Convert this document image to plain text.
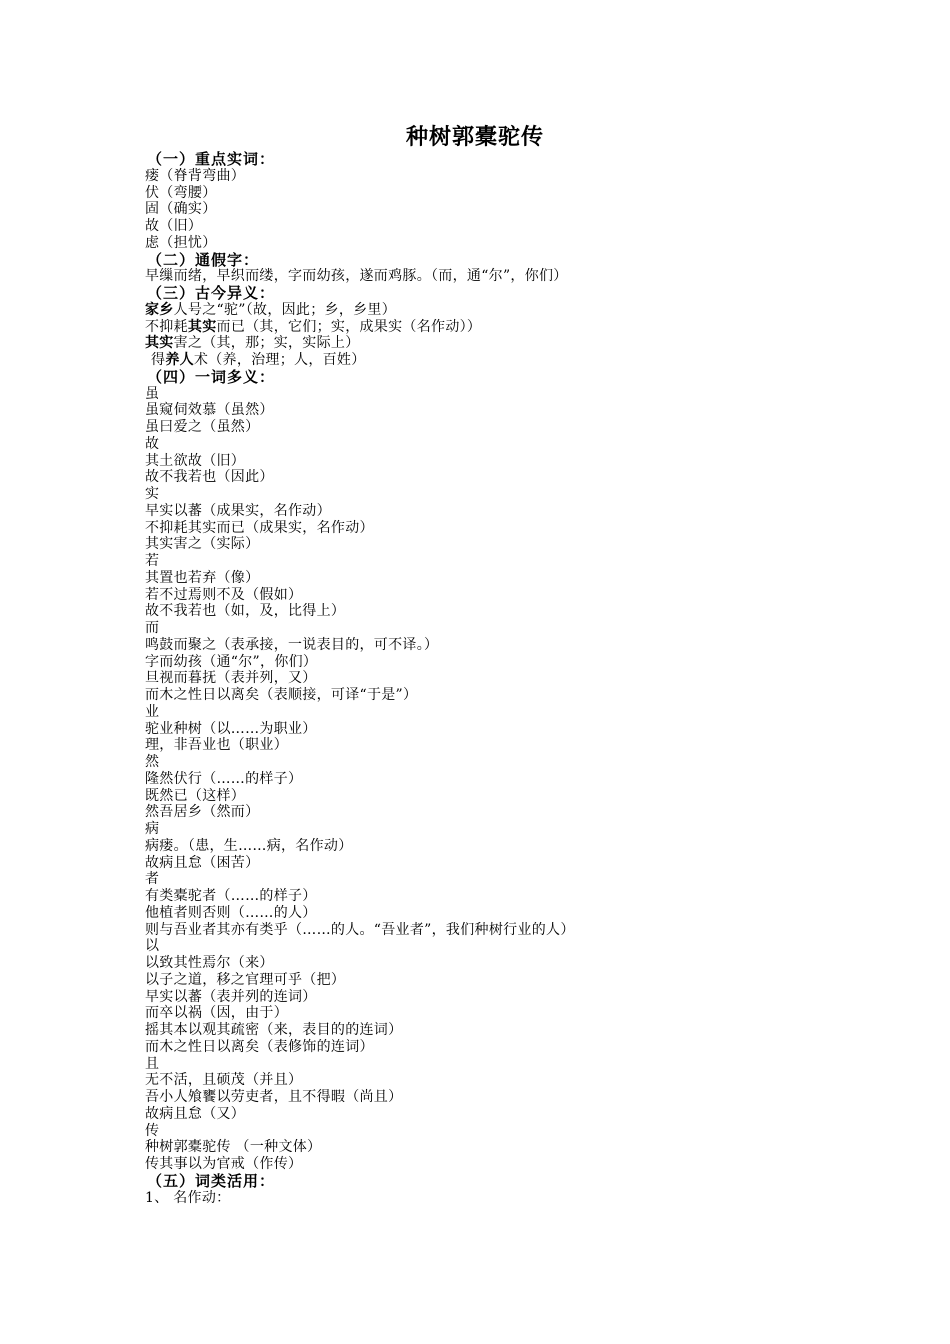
种树郭橐驼传
（一）重点实词：
瘘（脊背弯曲）
伏（弯腰）
固（确实）
故（旧）
虑（担忧）
（二）通假字：
早缫而绪，早织而缕，字而幼孩，遂而鸡豚。（而，通“尔”，你们）
（三）古今异义：
家乡人号之“驼”（故，因此；乡，乡里）
不抑耗其实而已（其，它们；实，成果实（名作动））
其实害之（其，那；实，实际上）
得养人术（养，治理；人，百姓）
（四）一词多义：
虽
虽窥伺效慕（虽然）
虽曰爱之（虽然）
故
其土欲故（旧）
故不我若也（因此）
实
早实以蕃（成果实，名作动）
不抑耗其实而已（成果实，名作动）
其实害之（实际）
若
其置也若弃（像）
若不过焉则不及（假如）
故不我若也（如，及，比得上）
而
鸣鼓而聚之（表承接，一说表目的，可不译。）
字而幼孩（通“尔”，你们）
旦视而暮抚（表并列，又）
而木之性日以离矣（表顺接，可译“于是”）
业
驼业种树（以……为职业）
理，非吾业也（职业）
然
隆然伏行（……的样子）
既然已（这样）
然吾居乡（然而）
病
病瘘。（患，生……病，名作动）
故病且怠（困苦）
者
有类橐驼者（……的样子）
他植者则否则（……的人）
则与吾业者其亦有类乎（……的人。“吾业者”，我们种树行业的人）
以
以致其性焉尔（来）
以子之道，移之官理可乎（把）
早实以蕃（表并列的连词）
而卒以祸（因，由于）
摇其本以观其疏密（来，表目的的连词）
而木之性日以离矣（表修饰的连词）
且
无不活，且硕茂（并且）
吾小人飧饔以劳吏者，且不得暇（尚且）
故病且怠（又）
传
种树郭橐驼传 （一种文体）
传其事以为官戒（作传）
（五）词类活用：
1、 名作动：
